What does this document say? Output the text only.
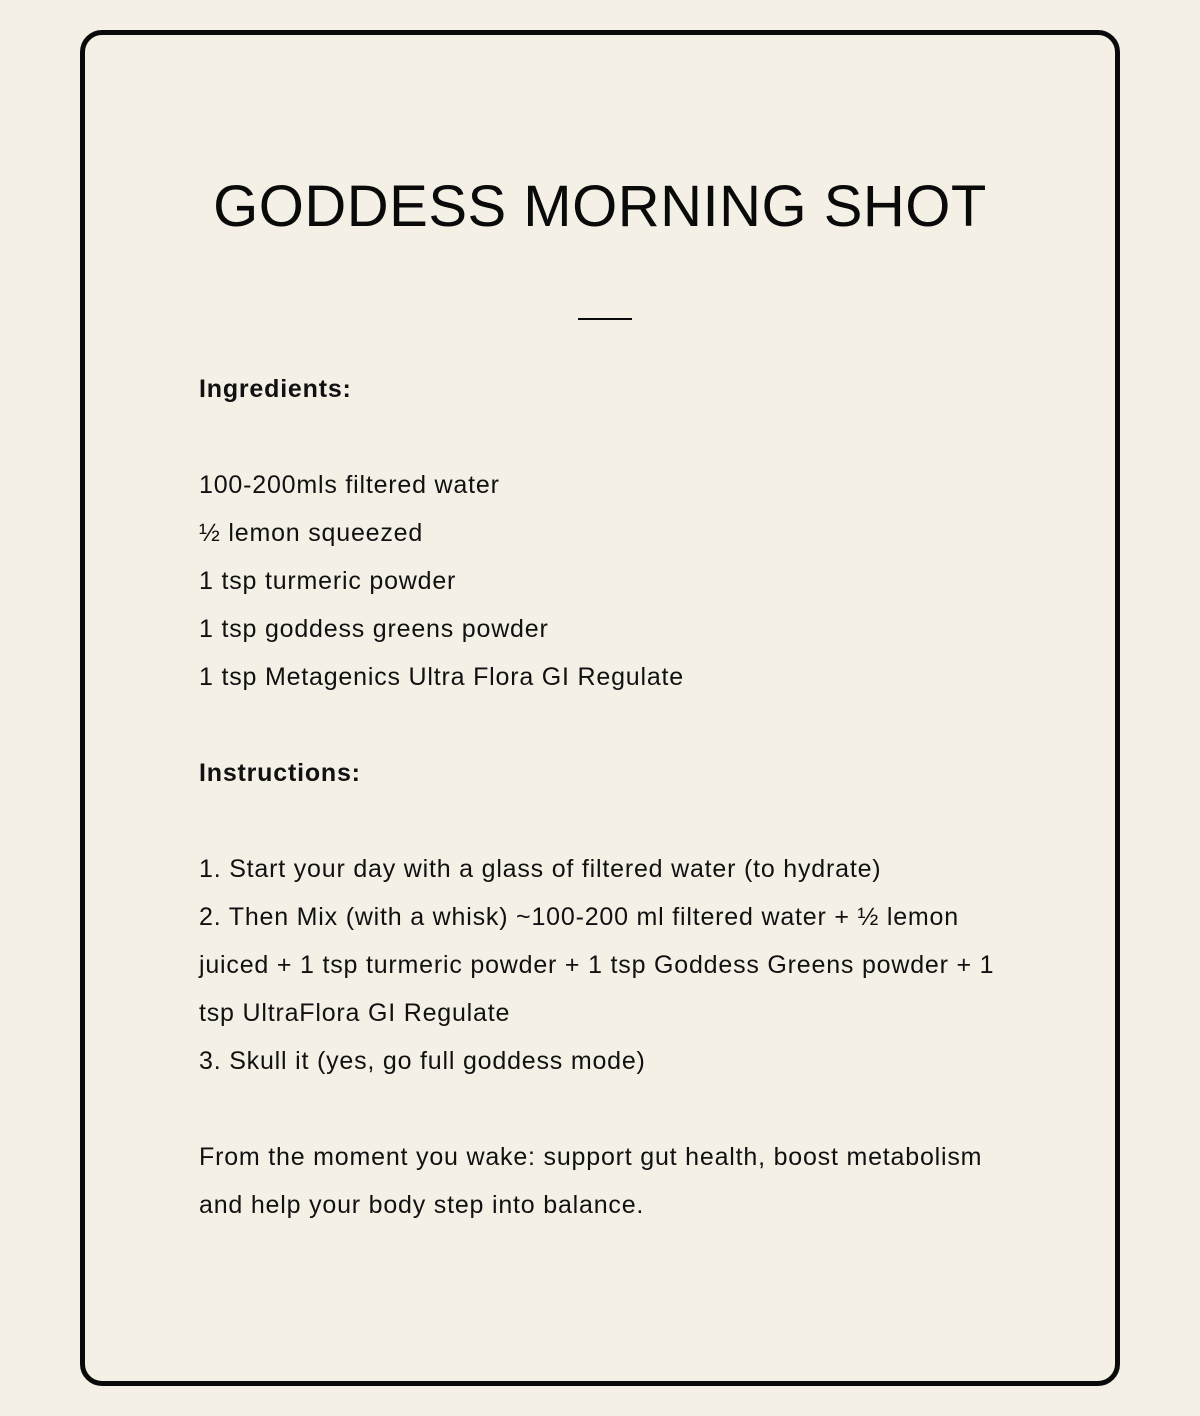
GODDESS MORNING SHOT

Ingredients:

100-200mls filtered water

½ lemon squeezed

1 tsp turmeric powder

1 tsp goddess greens powder

1 tsp Metagenics Ultra Flora GI Regulate

Instructions:

1. Start your day with a glass of filtered water (to hydrate)

2. Then Mix (with a whisk) ~100-200 ml filtered water + ½ lemon juiced + 1 tsp turmeric powder + 1 tsp Goddess Greens powder + 1 tsp UltraFlora GI Regulate

3. Skull it (yes, go full goddess mode)

From the moment you wake: support gut health, boost metabolism and help your body step into balance.
